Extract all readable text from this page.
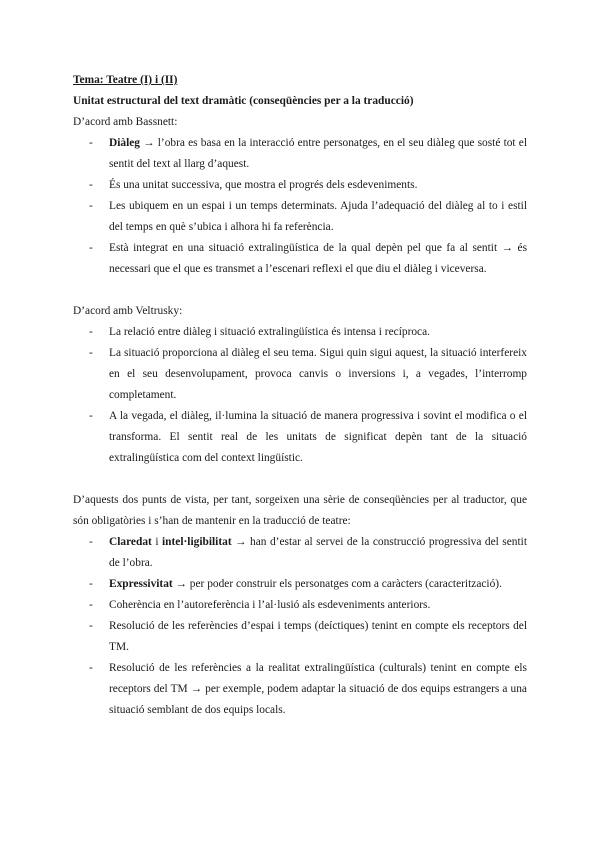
Tema: Teatre (I) i (II)

Unitat estructural del text dramàtic (conseqüències per a la traducció)

D’acord amb Bassnett:

- Diàleg → l’obra es basa en la interacció entre personatges, en el seu diàleg que sosté tot el sentit del text al llarg d’aquest.
- És una unitat successiva, que mostra el progrés dels esdeveniments.
- Les ubiquem en un espai i un temps determinats. Ajuda l’adequació del diàleg al to i estil del temps en què s’ubica i alhora hi fa referència.
- Està integrat en una situació extralingüística de la qual depèn pel que fa al sentit → és necessari que el que es transmet a l’escenari reflexi el que diu el diàleg i viceversa.

D’acord amb Veltrusky:

- La relació entre diàleg i situació extralingüística és intensa i recíproca.
- La situació proporciona al diàleg el seu tema. Sigui quin sigui aquest, la situació interfereix en el seu desenvolupament, provoca canvis o inversions i, a vegades, l’interromp completament.
- A la vegada, el diàleg, il·lumina la situació de manera progressiva i sovint el modifica o el transforma. El sentit real de les unitats de significat depèn tant de la situació extralingüística com del context lingüístic.

D’aquests dos punts de vista, per tant, sorgeixen una sèrie de conseqüències per al traductor, que són obligatòries i s’han de mantenir en la traducció de teatre:

- Claredat i intel·ligibilitat → han d’estar al servei de la construcció progressiva del sentit de l’obra.
- Expressivitat → per poder construir els personatges com a caràcters (caracterització).
- Coherència en l’autoreferència i l’al·lusió als esdeveniments anteriors.
- Resolució de les referències d’espai i temps (deíctiques) tenint en compte els receptors del TM.
- Resolució de les referències a la realitat extralingüística (culturals) tenint en compte els receptors del TM → per exemple, podem adaptar la situació de dos equips estrangers a una situació semblant de dos equips locals.
